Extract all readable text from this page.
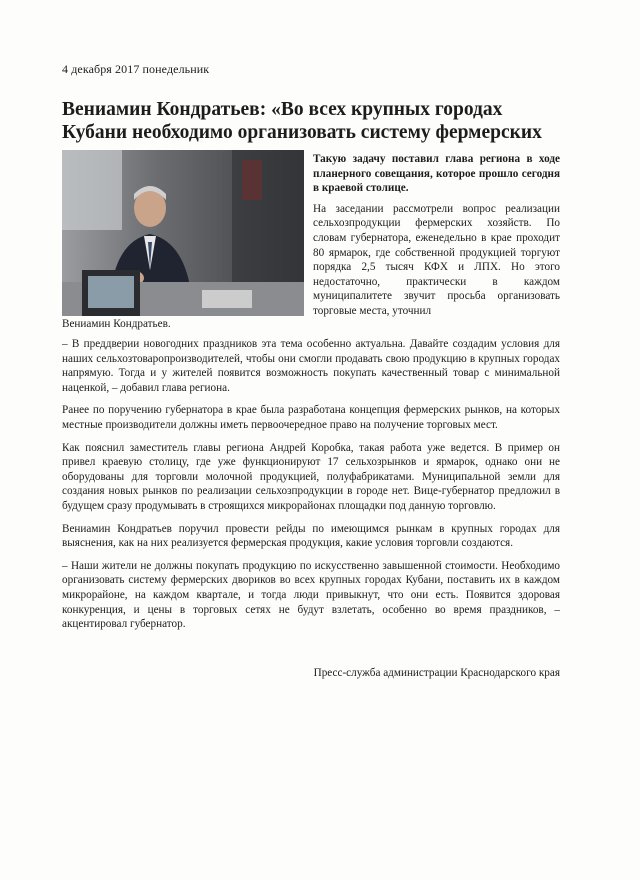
4 декабря 2017 понедельник
Вениамин Кондратьев: «Во всех крупных городах Кубани необходимо организовать систему фермерских

Такую задачу поставил глава региона в ходе планерного совещания, которое прошло сегодня в краевой столице.

На заседании рассмотрели вопрос реализации сельхозпродукции фермерских хозяйств. По словам губернатора, еженедельно в крае проходит 80 ярмарок, где собственной продукцией торгуют порядка 2,5 тысяч КФХ и ЛПХ. Но этого недостаточно, практически в каждом муниципалитете звучит просьба организовать торговые места, уточнил

Вениамин Кондратьев.

– В преддверии новогодних праздников эта тема особенно актуальна. Давайте создадим условия для наших сельхозтоваропроизводителей, чтобы они смогли продавать свою продукцию в крупных городах напрямую. Тогда и у жителей появится возможность покупать качественный товар с минимальной наценкой, – добавил глава региона.

Ранее по поручению губернатора в крае была разработана концепция фермерских рынков, на которых местные производители должны иметь первоочередное право на получение торговых мест.

Как пояснил заместитель главы региона Андрей Коробка, такая работа уже ведется. В пример он привел краевую столицу, где уже функционируют 17 сельхозрынков и ярмарок, однако они не оборудованы для торговли молочной продукцией, полуфабрикатами. Муниципальной земли для создания новых рынков по реализации сельхозпродукции в городе нет. Вице-губернатор предложил в будущем сразу продумывать в строящихся микрорайонах площадки под данную торговлю.

Вениамин Кондратьев поручил провести рейды по имеющимся рынкам в крупных городах для выяснения, как на них реализуется фермерская продукция, какие условия торговли создаются.

– Наши жители не должны покупать продукцию по искусственно завышенной стоимости. Необходимо организовать систему фермерских двориков во всех крупных городах Кубани, поставить их в каждом микрорайоне, на каждом квартале, и тогда люди привыкнут, что они есть. Появится здоровая конкуренция, и цены в торговых сетях не будут взлетать, особенно во время праздников, – акцентировал губернатор.

Пресс-служба администрации Краснодарского края
